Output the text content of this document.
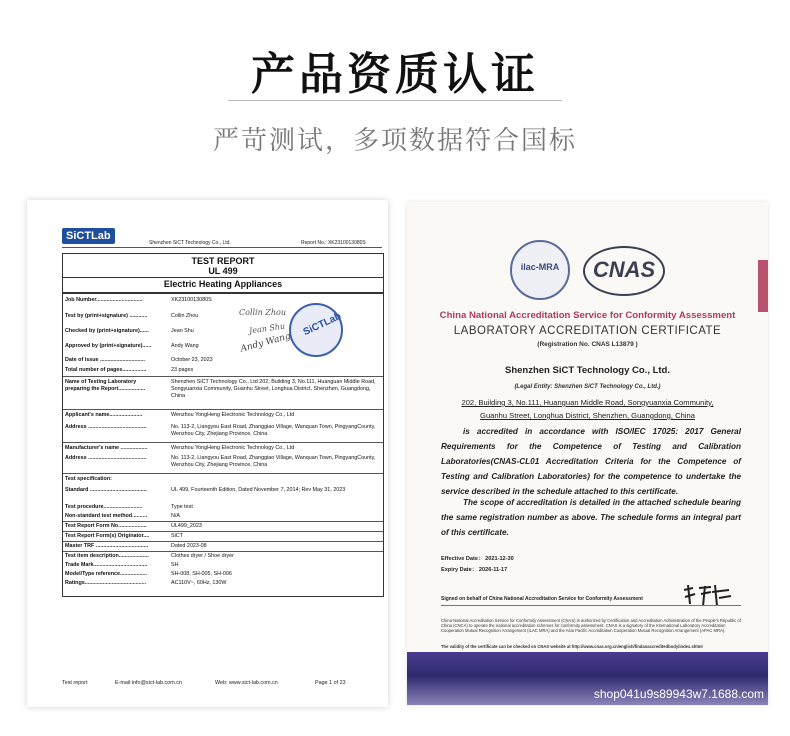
产品资质认证
严苛测试，多项数据符合国标
SiCTLab
Shenzhen SiCT Technology Co., Ltd.	Report No.: XK2310013080S
TEST REPORT
UL 499
Electric Heating Appliances
Job Number...............................	XK2310013080S
Test by (print+signature) ............	Collin Zhou
Checked by (print+signature)......	Jean Shu
Approved by (print+signature)......	Andy Wang
Date of issue ..............................	October 23, 2023
Total number of pages................	23 pages
Name of Testing Laboratory preparing the Report..................
Shenzhen SiCT Technology Co., Ltd 202, Building 3, No.111, Huanguan Middle Road, Songyuanxia Community, Guanhu Street, Longhua District, Shenzhen, Guangdong, China
Applicant's name......................	Wenzhou YongHeng Electronic Technology Co., Ltd
Address .......................................	No. 113-2, Liangyou East Road, Zhanggiao Village, Wanquan Town, PingyangCounty, Wenzhou City, Zhejiang Province, China
Manufacturer's name ..................	Wenzhou YongHeng Electronic Technology Co., Ltd
Address .......................................	No. 113-2, Liangyou East Road, Zhanggiao Village, Wanquan Town, PingyangCounty, Wenzhou City, Zhejiang Province, China
Test specification:
Standard ......................................	UL 499, Fourteenth Edition, Dated November 7, 2014; Rev May 31, 2023
Test procedure..........................	Type test
Non-standard test method..........	N/A
Test Report Form No...................	UL499_2023
Test Report Form(s) Originator....	SiCT
Master TRF ...................................	Dated 2023-08
Test item description....................	Clothes dryer / Shoe dryer
Trade Mark....................................	SH
Model/Type reference..................	SH-008, SH-005, SH-006
Ratings.........................................	AC110V~, 60Hz, 130W
Collin Zhou
Jean Shu
Andy Wang
SiCTLab
Test report	E-mail:info@sict-lab.com.cn	Web: www.sict-lab.com.cn	Page 1 of 23
ilac-MRA	CNAS
China National Accreditation Service for Conformity Assessment
LABORATORY ACCREDITATION CERTIFICATE
(Registration No. CNAS L13879 )
Shenzhen SiCT Technology Co., Ltd.
(Legal Entity: Shenzhen SiCT Technology Co., Ltd.)
202, Building 3, No.111, Huanguan Middle Road, Songyuanxia Community,
Guanhu Street, Longhua District, Shenzhen, Guangdong, China
is accredited in accordance with ISO/IEC 17025: 2017 General Requirements for the Competence of Testing and Calibration Laboratories(CNAS-CL01 Accreditation Criteria for the Competence of Testing and Calibration Laboratories) for the competence to undertake the service described in the schedule attached to this certificate.
The scope of accreditation is detailed in the attached schedule bearing the same registration number as above. The schedule forms an integral part of this certificate.
Effective Date： 2021-12-30
Expiry Date： 2026-11-17
Signed on behalf of China National Accreditation Service for Conformity Assessment
China National Accreditation Service for Conformity Assessment (CNAS) is authorized by Certification and Accreditation Administration of the People's Republic of China (CNCA) to operate the national accreditation schemes for conformity assessment. CNAS is a signatory of the International Laboratory Accreditation Cooperation Mutual Recognition Arrangement (ILAC MRA) and the Asia Pacific Accreditation Cooperation Mutual Recognition Arrangement (APAC MRA).
The validity of the certificate can be checked on CNAS website at http://www.cnas.org.cn/english/findanaccreditedbody/index.shtml
shop041u9s89943w7.1688.com
